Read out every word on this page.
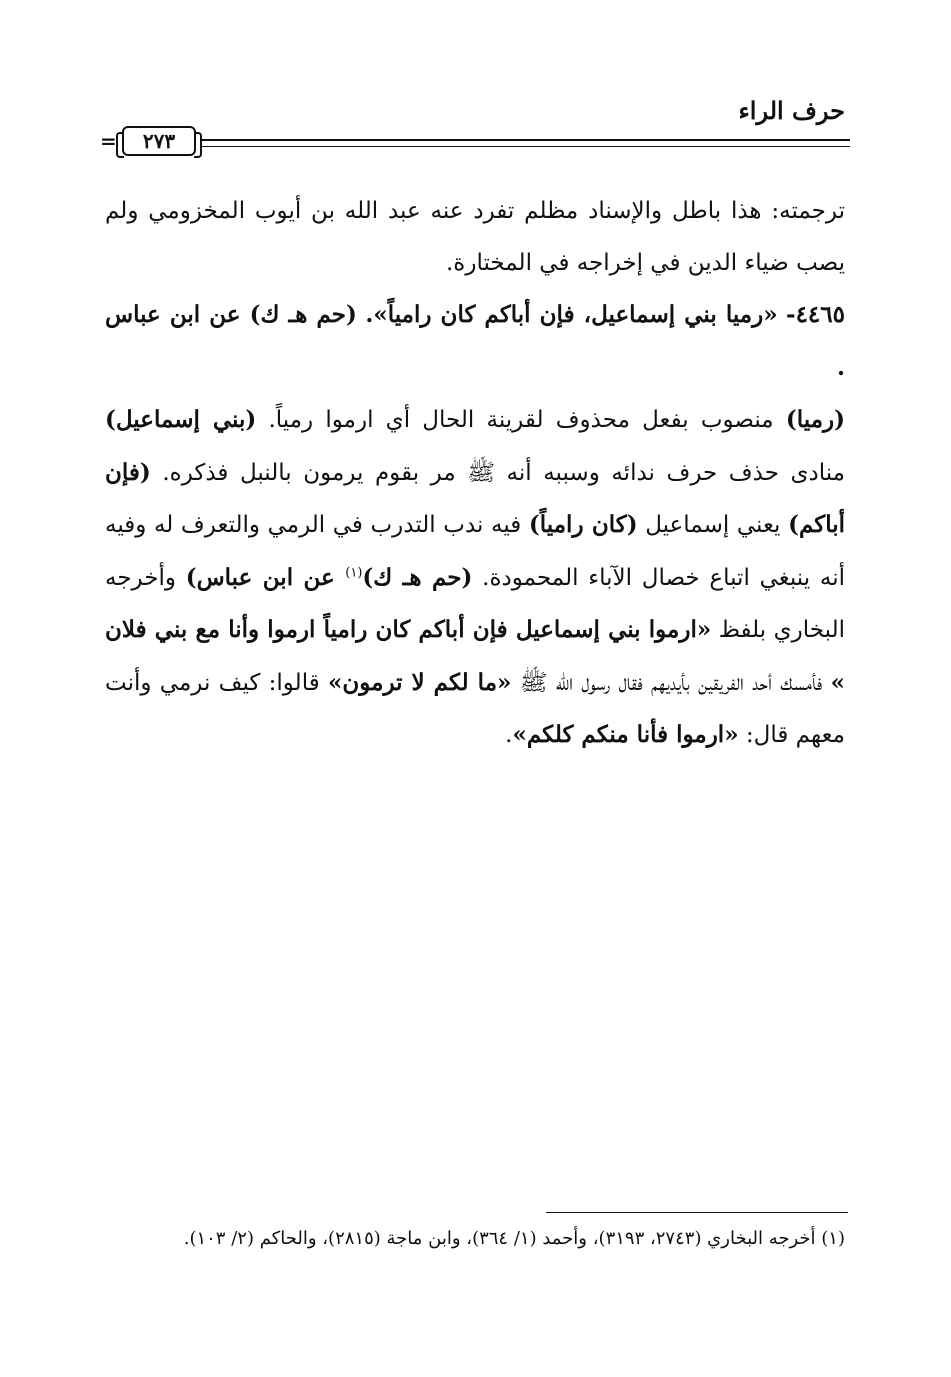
حرف الراء
=	٢٧٣

ترجمته: هذا باطل والإسناد مظلم تفرد عنه عبد الله بن أيوب المخزومي ولم يصب ضياء الدين في إخراجه في المختارة.

٤٤٦٥- «رميا بني إسماعيل، فإن أباكم كان رامياً». (حم هـ ك) عن ابن عباس .

(رميا) منصوب بفعل محذوف لقرينة الحال أي ارموا رمياً. (بني إسماعيل) منادى حذف حرف ندائه وسببه أنه ﷺ مر بقوم يرمون بالنبل فذكره. (فإن أباكم) يعني إسماعيل (كان رامياً) فيه ندب التدرب في الرمي والتعرف له وفيه أنه ينبغي اتباع خصال الآباء المحمودة. (حم هـ ك)$^{(١)}$ عن ابن عباس) وأخرجه البخاري بلفظ «ارموا بني إسماعيل فإن أباكم كان رامياً ارموا وأنا مع بني فلان » فأمسك أحد الفريقين بأيديهم فقال رسول الله ﷺ «ما لكم لا ترمون» قالوا: كيف نرمي وأنت معهم قال: «ارموا فأنا منكم كلكم».

(١) أخرجه البخاري (٢٧٤٣، ٣١٩٣)، وأحمد (١/ ٣٦٤)، وابن ماجة (٢٨١٥)، والحاكم (٢/ ١٠٣).
